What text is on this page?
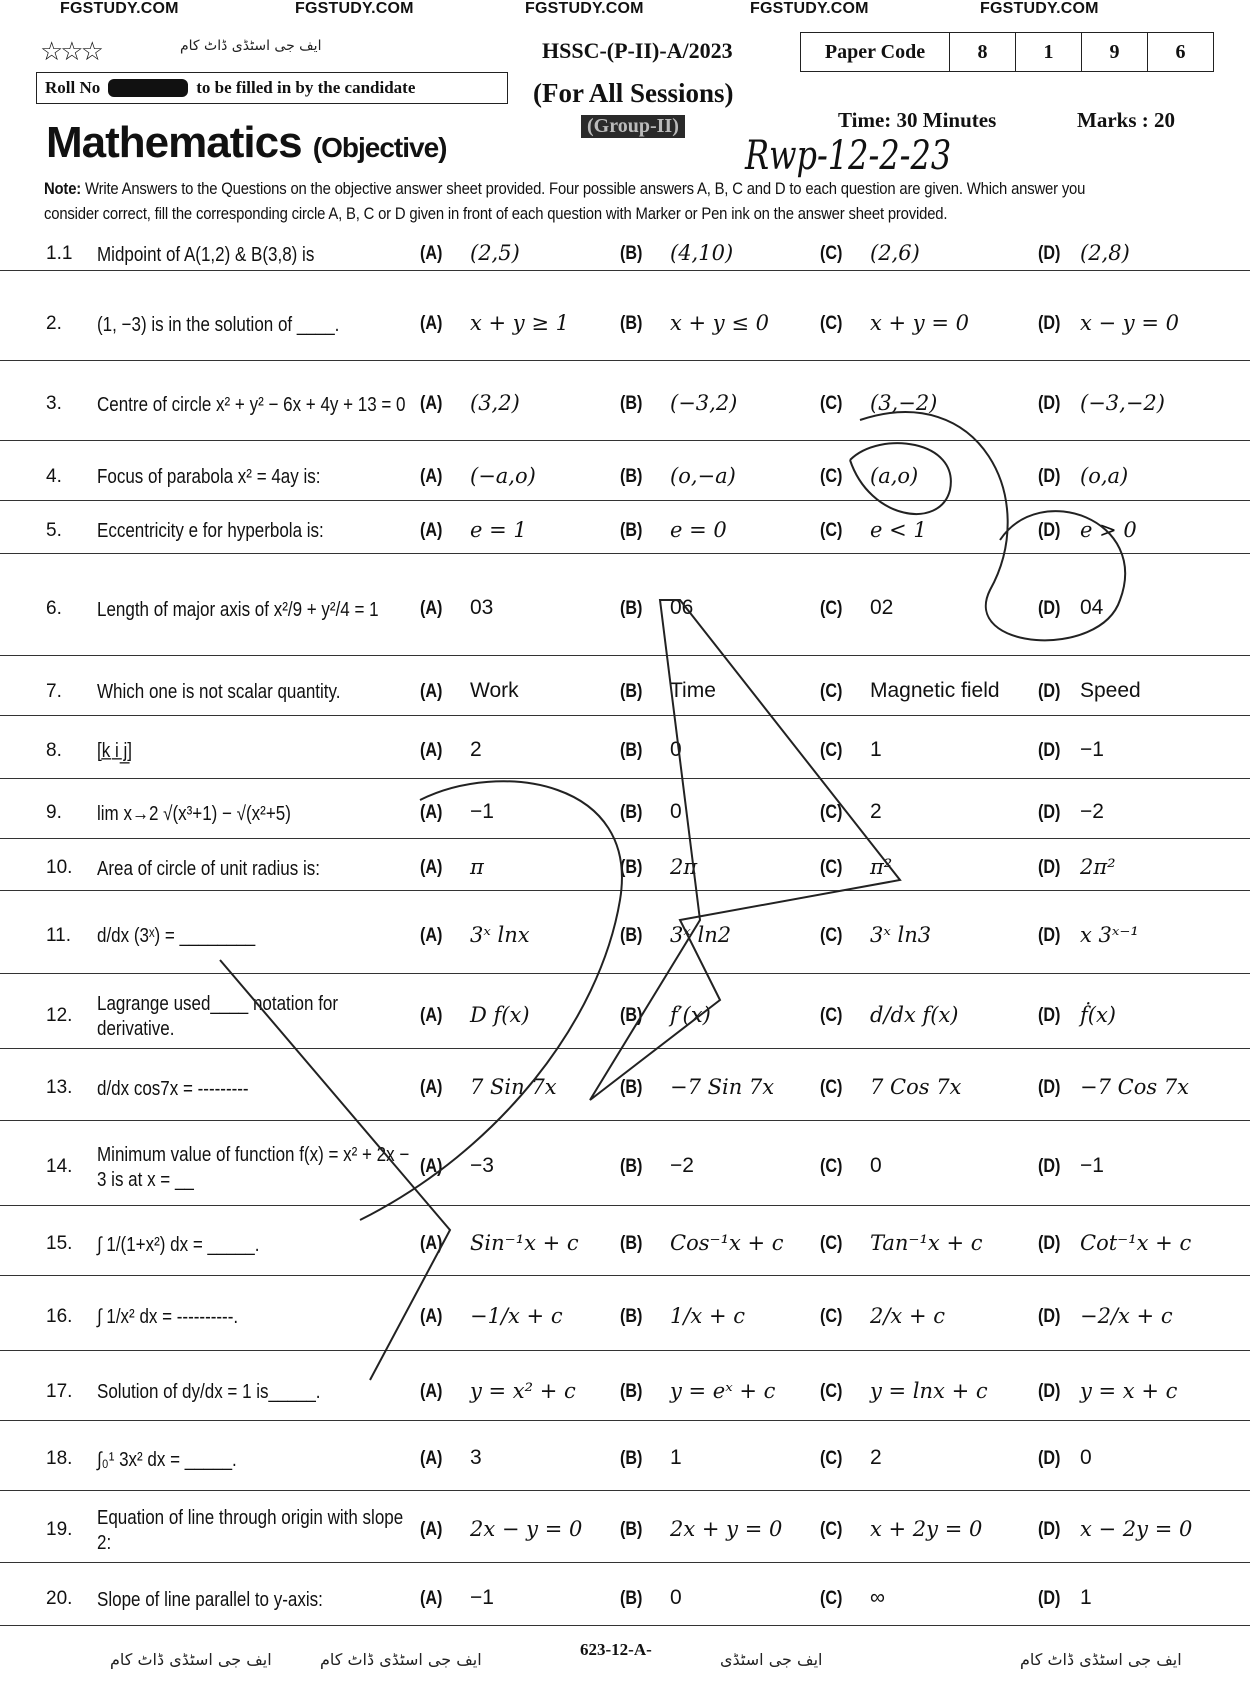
FGSTUDY.COM	FGSTUDY.COM	FGSTUDY.COM	FGSTUDY.COM	FGSTUDY.COM
☆☆☆	ایف جی اسٹڈی ڈاٹ کام
Roll No	to be filled in by the candidate
HSSC-(P-II)-A/2023
(For All Sessions)
(Group-II)
Paper Code	8	1	9	6
Time: 30 Minutes	Marks : 20
Mathematics (Objective)	Rwp-12-2-23
Note: Write Answers to the Questions on the objective answer sheet provided. Four possible answers A, B, C and D to each question are given. Which answer you consider correct, fill the corresponding circle A, B, C or D given in front of each question with Marker or Pen ink on the answer sheet provided.
1.1 Midpoint of A(1,2) & B(3,8) is	(A) (2,5)	(B) (4,10)	(C) (2,6)	(D) (2,8)
2. (1, −3) is in the solution of ____.	(A) x + y ≥ 1	(B) x + y ≤ 0	(C) x + y = 0	(D) x − y = 0
3. Centre of circle x² + y² − 6x + 4y + 13 = 0 (A) (3,2)	(B) (−3,2)	(C) (3,−2)	(D) (−3,−2)
4. Focus of parabola x² = 4ay is:	(A) (−a,o)	(B) (o,−a)	(C) (a,o)	(D) (o,a)
5. Eccentricity e for hyperbola is:	(A) e = 1	(B) e = 0	(C) e < 1	(D) e > 0
6. Length of major axis of x²/9 + y²/4 = 1	(A) 03	(B) 06	(C) 02	(D) 04
7. Which one is not scalar quantity.	(A) Work	(B) Time	(C) Magnetic field (D) Speed
8. [k̲ i̲ j̲]	(A) 2	(B) 0	(C) 1	(D) −1
9. lim x→2 √(x³+1) − √(x²+5)	(A) −1	(B) 0	(C) 2	(D) −2
10. Area of circle of unit radius is:	(A) π	(B) 2π	(C) π²	(D) 2π²
11. d/dx (3ˣ) = ________	(A) 3ˣ lnx	(B) 3ˣ ln2	(C) 3ˣ ln3	(D) x 3ˣ⁻¹
12.
Lagrange used____ notation for derivative.
(A) D f(x)	(B) f′(x)	(C) d/dx f(x)	(D) ḟ(x)
13. d/dx cos7x = ---------	(A) 7 Sin 7x	(B) −7 Sin 7x (C) 7 Cos 7x	(D) −7 Cos 7x
14.
Minimum value of function f(x) = x² + 2x − 3 is at x = __
(A) −3	(B) −2	(C) 0	(D) −1
15. ∫ 1/(1+x²) dx = _____.	(A) Sin⁻¹x + c (B) Cos⁻¹x + c (C) Tan⁻¹x + c	(D) Cot⁻¹x + c
16. ∫ 1/x² dx = ----------.	(A) −1/x + c	(B) 1/x + c	(C) 2/x + c	(D) −2/x + c
17. Solution of dy/dx = 1 is_____.	(A) y = x² + c (B) y = eˣ + c (C) y = lnx + c	(D) y = x + c
18. ∫₀¹ 3x² dx = _____.	(A) 3	(B) 1	(C) 2	(D) 0
19.
Equation of line through origin with slope 2:
(A) 2x − y = 0 (B) 2x + y = 0 (C) x + 2y = 0	(D) x − 2y = 0
20. Slope of line parallel to y-axis:	(A) −1	(B) 0	(C) ∞	(D) 1
ایف جی اسٹڈی ڈاٹ کام	ایف جی اسٹڈی ڈاٹ کام
623-12-A-
ایف جی اسٹڈی	ایف جی اسٹڈی ڈاٹ کام
